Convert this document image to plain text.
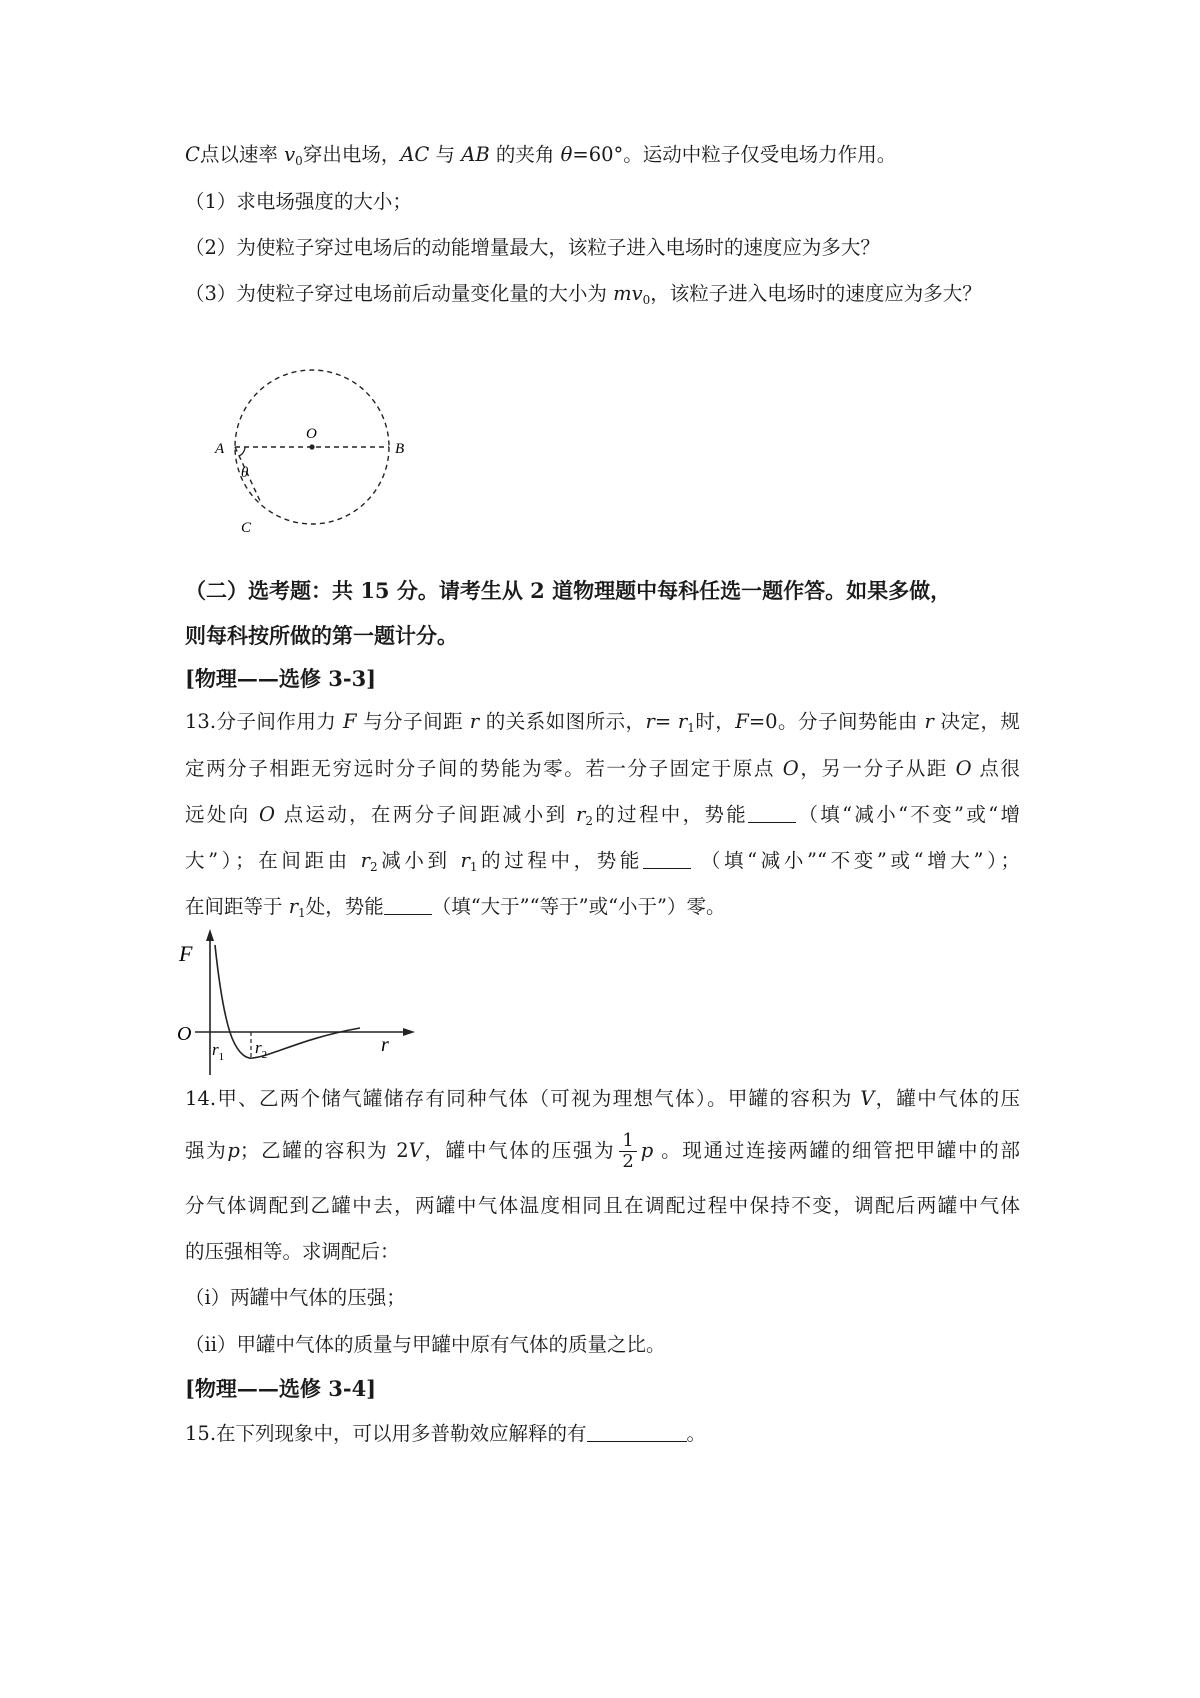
C点以速率 $v_0$穿出电场，AC 与 AB 的夹角 θ=60°。运动中粒子仅受电场力作用。
（1）求电场强度的大小；
（2）为使粒子穿过电场后的动能增量最大，该粒子进入电场时的速度应为多大？
（3）为使粒子穿过电场前后动量变化量的大小为 $mv_0$，该粒子进入电场时的速度应为多大？
A
O
B
θ
C
（二）选考题：共 15 分。请考生从 2 道物理题中每科任选一题作答。如果多做，
则每科按所做的第一题计分。
[物理——选修 3-3]
13.分子间作用力 F 与分子间距 r 的关系如图所示，$r= r_1$时，F=0。分子间势能由 r 决定，规
定两分子相距无穷远时分子间的势能为零。若一分子固定于原点 O，另一分子从距 O 点很
远处向 O 点运动，在两分子间距减小到 $r_2$的过程中，势能 （填“减小“不变”或“增
大”）；在间距由 $r_2$减小到 $r_1$的过程中，势能	（填“减小”“不变”或“增大”）；
在间距等于 $r_1$处，势能 （填“大于”“等于”或“小于”）零。
F
O	r
$r_1$ $r_2$
14.甲、乙两个储气罐储存有同种气体（可视为理想气体）。甲罐的容积为 V，罐中气体的压
强为p；乙罐的容积为 2V，罐中气体的压强为 $\frac{1}{2}$ p 。现通过连接两罐的细管把甲罐中的部
分气体调配到乙罐中去，两罐中气体温度相同且在调配过程中保持不变，调配后两罐中气体
的压强相等。求调配后：
（i）两罐中气体的压强；
（ii）甲罐中气体的质量与甲罐中原有气体的质量之比。
[物理——选修 3-4]
15.在下列现象中，可以用多普勒效应解释的有	。
